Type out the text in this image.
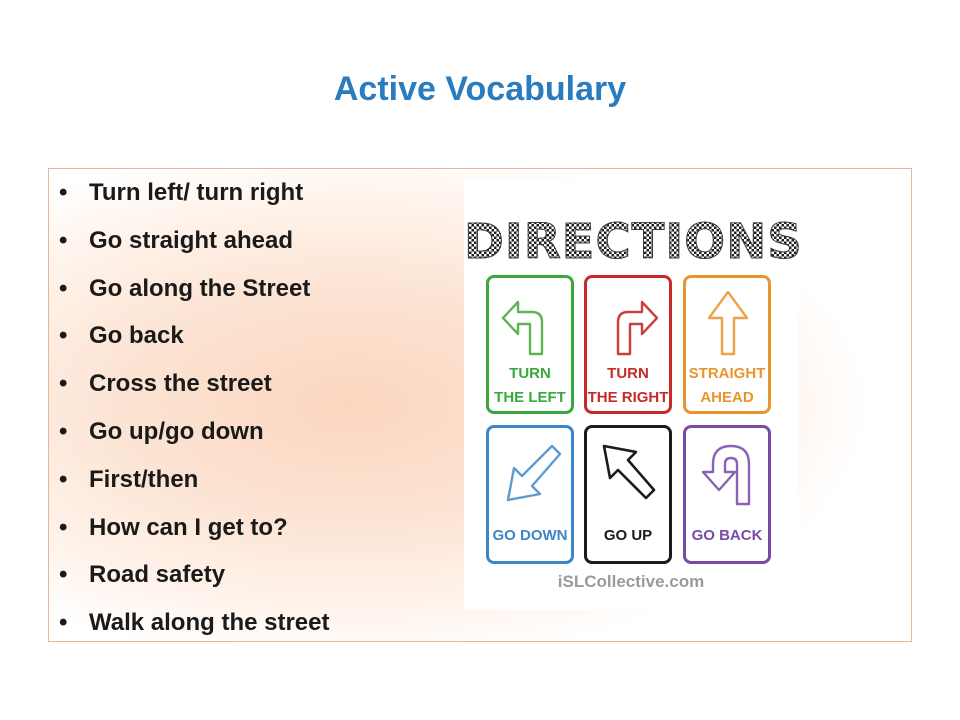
Active Vocabulary
• Turn left/ turn right
• Go straight ahead
• Go along the Street
• Go back
• Cross the street
• Go up/go down
• First/then
• How can I get to?
• Road safety
• Walk along the street
DIRECTIONS
TURN
THE LEFT
TURN
THE RIGHT
STRAIGHT
AHEAD
GO DOWN	GO UP	GO BACK
iSLCollective.com
